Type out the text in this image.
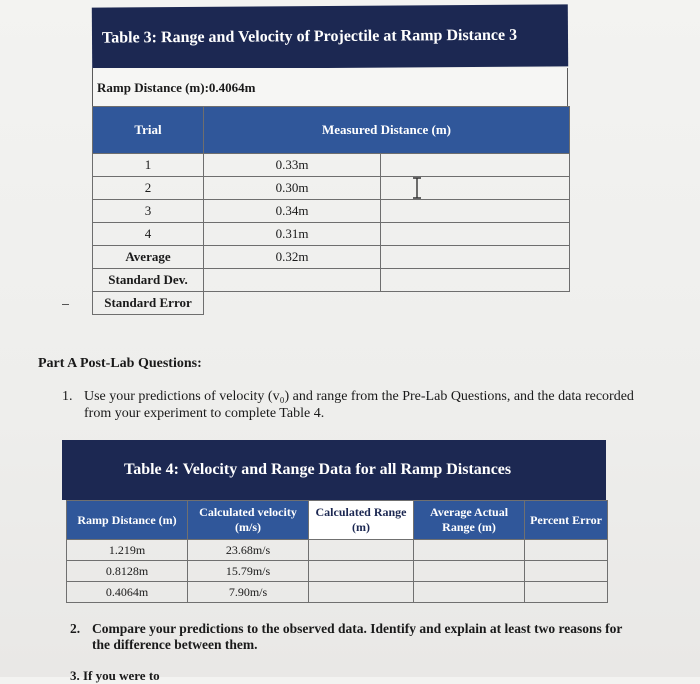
Table 3: Range and Velocity of Projectile at Ramp Distance 3
Ramp Distance (m):0.4064m
Trial	Measured Distance (m)	
1	0.33m	
2	0.30m	
3	0.34m	
4	0.31m	
Average	0.32m	
Standard Dev.		
Standard Error		
Part A Post-Lab Questions:
1. Use your predictions of velocity (v₀) and range from the Pre-Lab Questions, and the data recorded from your experiment to complete Table 4.
Table 4: Velocity and Range Data for all Ramp Distances
Ramp Distance (m)	Calculated velocity (m/s)	Calculated Range (m)	Average Actual Range (m)	Percent Error
1.219m	23.68m/s			
0.8128m	15.79m/s			
0.4064m	7.90m/s			
2. Compare your predictions to the observed data. Identify and explain at least two reasons for the difference between them.
3. If you were to
